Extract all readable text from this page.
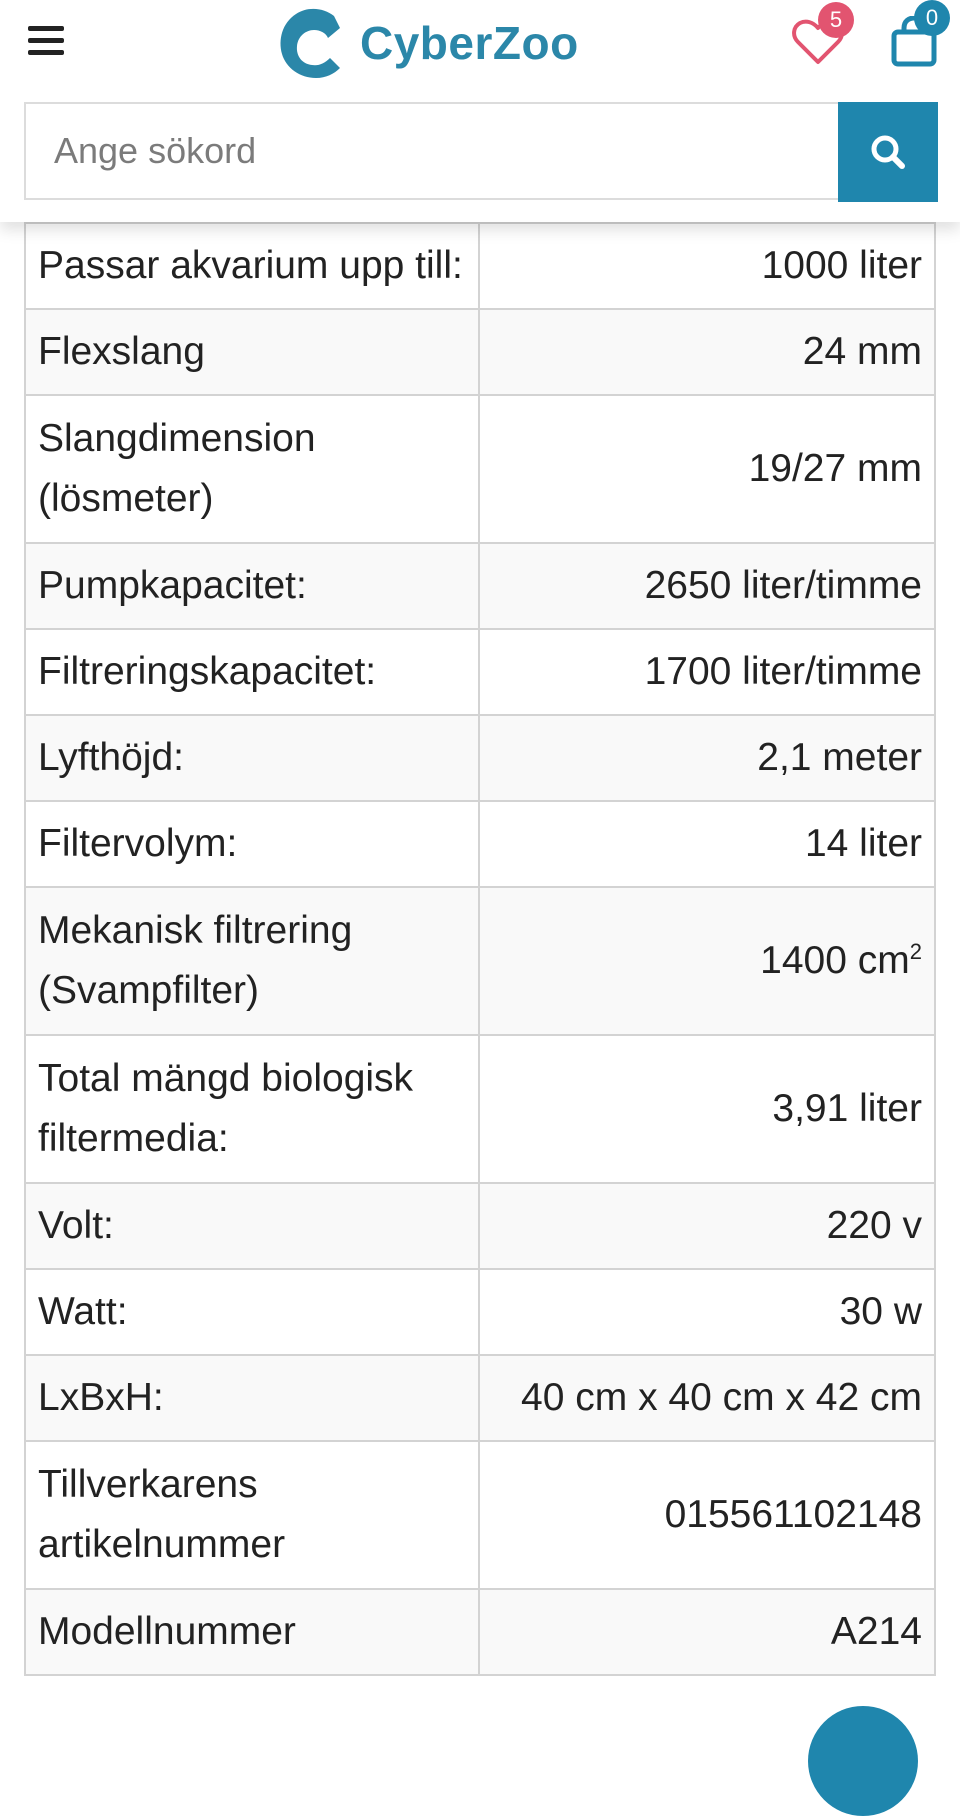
CyberZoo	5	0
Ange sökord
Passar akvarium upp till:	1000 liter
Flexslang	24 mm
Slangdimension (lösmeter)	19/27 mm
Pumpkapacitet:	2650 liter/timme
Filtreringskapacitet:	1700 liter/timme
Lyfthöjd:	2,1 meter
Filtervolym:	14 liter
Mekanisk filtrering (Svampfilter)	1400 $cm^2$
Total mängd biologisk filtermedia:	3,91 liter
Volt:	220 v
Watt:	30 w
LxBxH:	40 cm x 40 cm x 42 cm
Tillverkarens artikelnummer	015561102148
Modellnummer	A214
